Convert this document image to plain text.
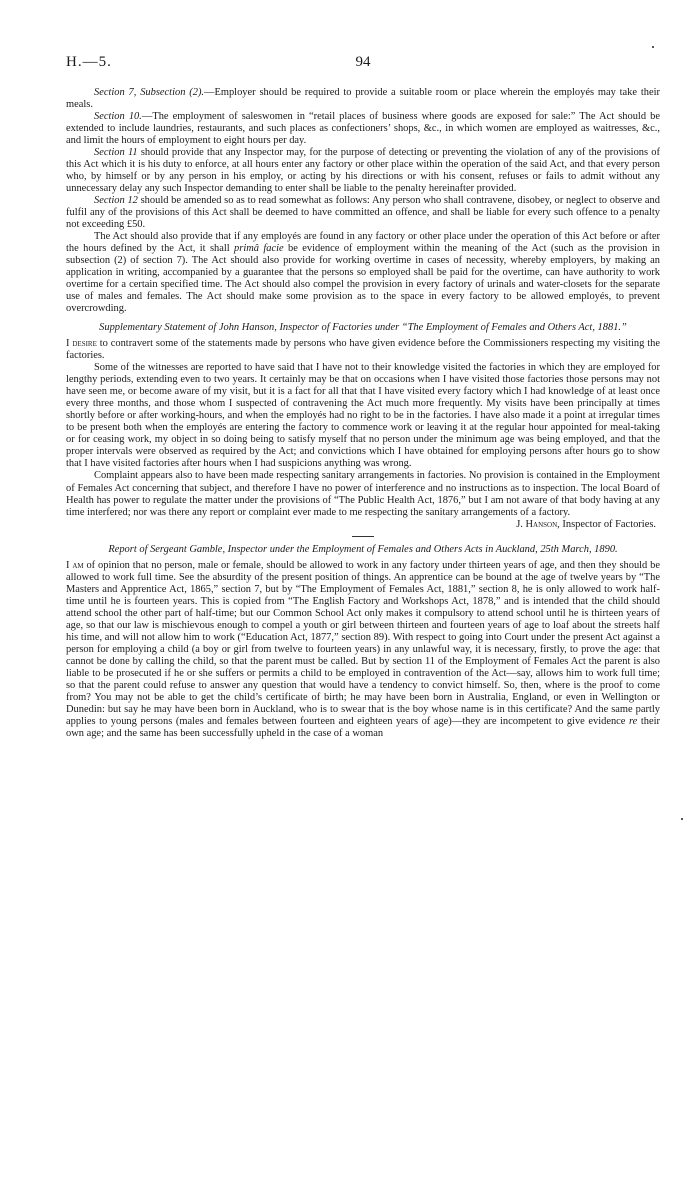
H.—5.	94

Section 7, Subsection (2).—Employer should be required to provide a suitable room or place wherein the employés may take their meals.

Section 10.—The employment of saleswomen in “retail places of business where goods are exposed for sale:” The Act should be extended to include laundries, restaurants, and such places as confectioners’ shops, &c., in which women are employed as waitresses, &c., and limit the hours of employment to eight hours per day.

Section 11 should provide that any Inspector may, for the purpose of detecting or preventing the violation of any of the provisions of this Act which it is his duty to enforce, at all hours enter any factory or other place within the operation of the said Act, and that every person who, by himself or by any person in his employ, or acting by his directions or with his consent, refuses or fails to admit without any unnecessary delay any such Inspector demanding to enter shall be liable to the penalty hereinafter provided.

Section 12 should be amended so as to read somewhat as follows: Any person who shall contravene, disobey, or neglect to observe and fulfil any of the provisions of this Act shall be deemed to have committed an offence, and shall be liable for every such offence to a penalty not exceeding £50.

The Act should also provide that if any employés are found in any factory or other place under the operation of this Act before or after the hours defined by the Act, it shall primâ facie be evidence of employment within the meaning of the Act (such as the provision in subsection (2) of section 7). The Act should also provide for working overtime in cases of necessity, whereby employers, by making an application in writing, accompanied by a guarantee that the persons so employed shall be paid for the overtime, can have authority to work overtime for a certain specified time. The Act should also compel the provision in every factory of urinals and water-closets for the separate use of males and females. The Act should make some provision as to the space in every factory to be allowed employés, to prevent overcrowding.

Supplementary Statement of John Hanson, Inspector of Factories under “The Employment of Females and Others Act, 1881.”

I desire to contravert some of the statements made by persons who have given evidence before the Commissioners respecting my visiting the factories.

Some of the witnesses are reported to have said that I have not to their knowledge visited the factories in which they are employed for lengthy periods, extending even to two years. It certainly may be that on occasions when I have visited those factories those persons may not have seen me, or become aware of my visit, but it is a fact for all that that I have visited every factory which I had knowledge of at least once every three months, and those whom I suspected of contravening the Act much more frequently. My visits have been principally at times shortly before or after working-hours, and when the employés had no right to be in the factories. I have also made it a point at irregular times to be present both when the employés are entering the factory to commence work or leaving it at the regular hour appointed for meal-taking or for ceasing work, my object in so doing being to satisfy myself that no person under the minimum age was being employed, and that the proper intervals were observed as required by the Act; and convictions which I have obtained for employing persons after hours go to show that I have visited factories after hours when I had suspicions anything was wrong.

Complaint appears also to have been made respecting sanitary arrangements in factories. No provision is contained in the Employment of Females Act concerning that subject, and therefore I have no power of interference and no instructions as to inspection. The local Board of Health has power to regulate the matter under the provisions of “The Public Health Act, 1876,” but I am not aware of that body having at any time interfered; nor was there any report or complaint ever made to me respecting the sanitary arrangements of a factory.

J. Hanson, Inspector of Factories.

Report of Sergeant Gamble, Inspector under the Employment of Females and Others Acts in Auckland, 25th March, 1890.

I am of opinion that no person, male or female, should be allowed to work in any factory under thirteen years of age, and then they should be allowed to work full time. See the absurdity of the present position of things. An apprentice can be bound at the age of twelve years by “The Masters and Apprentice Act, 1865,” section 7, but by “The Employment of Females Act, 1881,” section 8, he is only allowed to work half-time until he is fourteen years. This is copied from “The English Factory and Workshops Act, 1878,” and is intended that the child should attend school the other part of half-time; but our Common School Act only makes it compulsory to attend school until he is thirteen years of age, so that our law is mischievous enough to compel a youth or girl between thirteen and fourteen years of age to loaf about the streets half his time, and will not allow him to work (“Education Act, 1877,” section 89). With respect to going into Court under the present Act against a person for employing a child (a boy or girl from twelve to fourteen years) in any unlawful way, it is necessary, firstly, to prove the age: that cannot be done by calling the child, so that the parent must be called. But by section 11 of the Employment of Females Act the parent is also liable to be prosecuted if he or she suffers or permits a child to be employed in contravention of the Act—say, allows him to work full time; so that the parent could refuse to answer any question that would have a tendency to convict himself. So, then, where is the proof to come from? You may not be able to get the child’s certificate of birth; he may have been born in Australia, England, or even in Wellington or Dunedin: but say he may have been born in Auckland, who is to swear that is the boy whose name is in this certificate? And the same partly applies to young persons (males and females between fourteen and eighteen years of age)—they are incompetent to give evidence re their own age; and the same has been successfully upheld in the case of a woman
